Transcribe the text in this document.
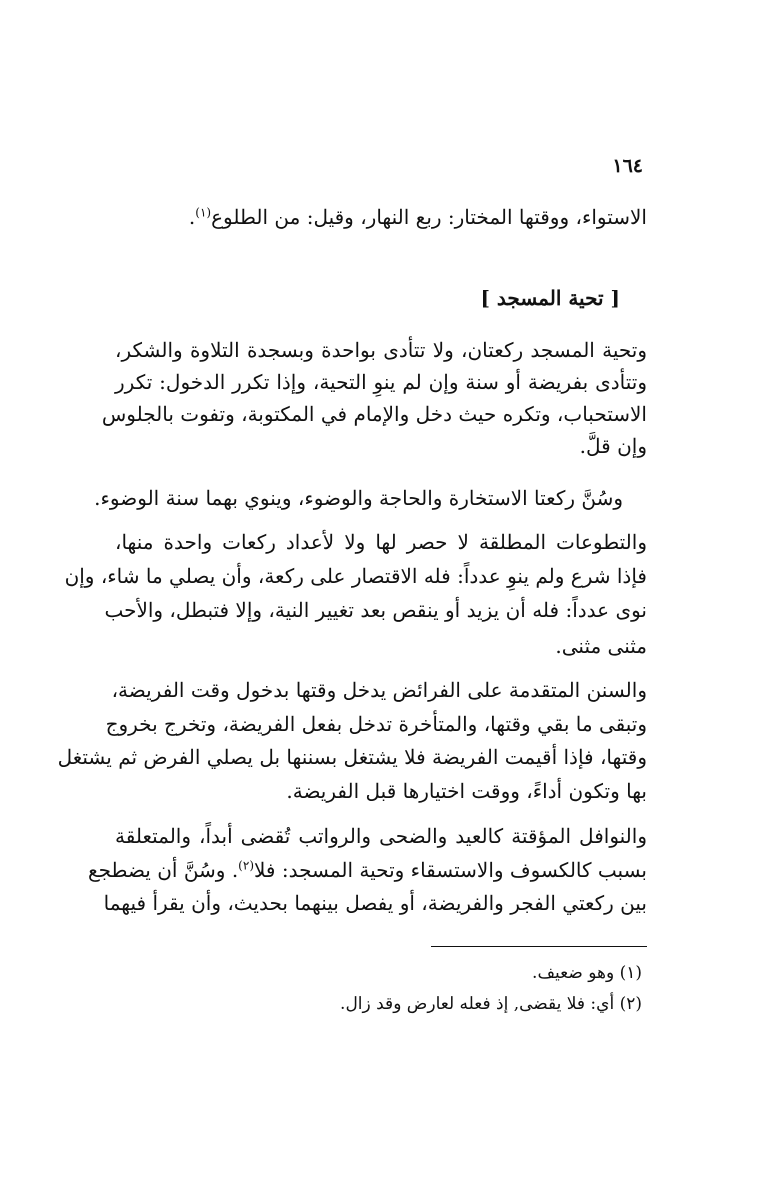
١٦٤
الاستواء، ووقتها المختار: ربع النهار، وقيل: من الطلوع$^{(١)}$.
[ تحية المسجد ]
وتحية المسجد ركعتان، ولا تتأدى بواحدة وبسجدة التلاوة والشكر،
وتتأدى بفريضة أو سنة وإن لم ينوِ التحية، وإذا تكرر الدخول: تكرر
الاستحباب، وتكره حيث دخل والإمام في المكتوبة، وتفوت بالجلوس
وإن قلَّ.
وسُنَّ ركعتا الاستخارة والحاجة والوضوء، وينوي بهما سنة الوضوء.
والتطوعات المطلقة لا حصر لها ولا لأعداد ركعات واحدة منها،
فإذا شرع ولم ينوِ عدداً: فله الاقتصار على ركعة، وأن يصلي ما شاء، وإن
نوى عدداً: فله أن يزيد أو ينقص بعد تغيير النية، وإلا فتبطل، والأحب
مثنى مثنى.
والسنن المتقدمة على الفرائض يدخل وقتها بدخول وقت الفريضة،
وتبقى ما بقي وقتها، والمتأخرة تدخل بفعل الفريضة، وتخرج بخروج
وقتها، فإذا أقيمت الفريضة فلا يشتغل بسننها بل يصلي الفرض ثم يشتغل
بها وتكون أداءً، ووقت اختيارها قبل الفريضة.
والنوافل المؤقتة كالعيد والضحى والرواتب تُقضى أبداً، والمتعلقة
بسبب كالكسوف والاستسقاء وتحية المسجد: فلا$^{(٢)}$. وسُنَّ أن يضطجع
بين ركعتي الفجر والفريضة، أو يفصل بينهما بحديث، وأن يقرأ فيهما
(١) وهو ضعيف.
(٢) أي: فلا يقضى, إذ فعله لعارض وقد زال.
